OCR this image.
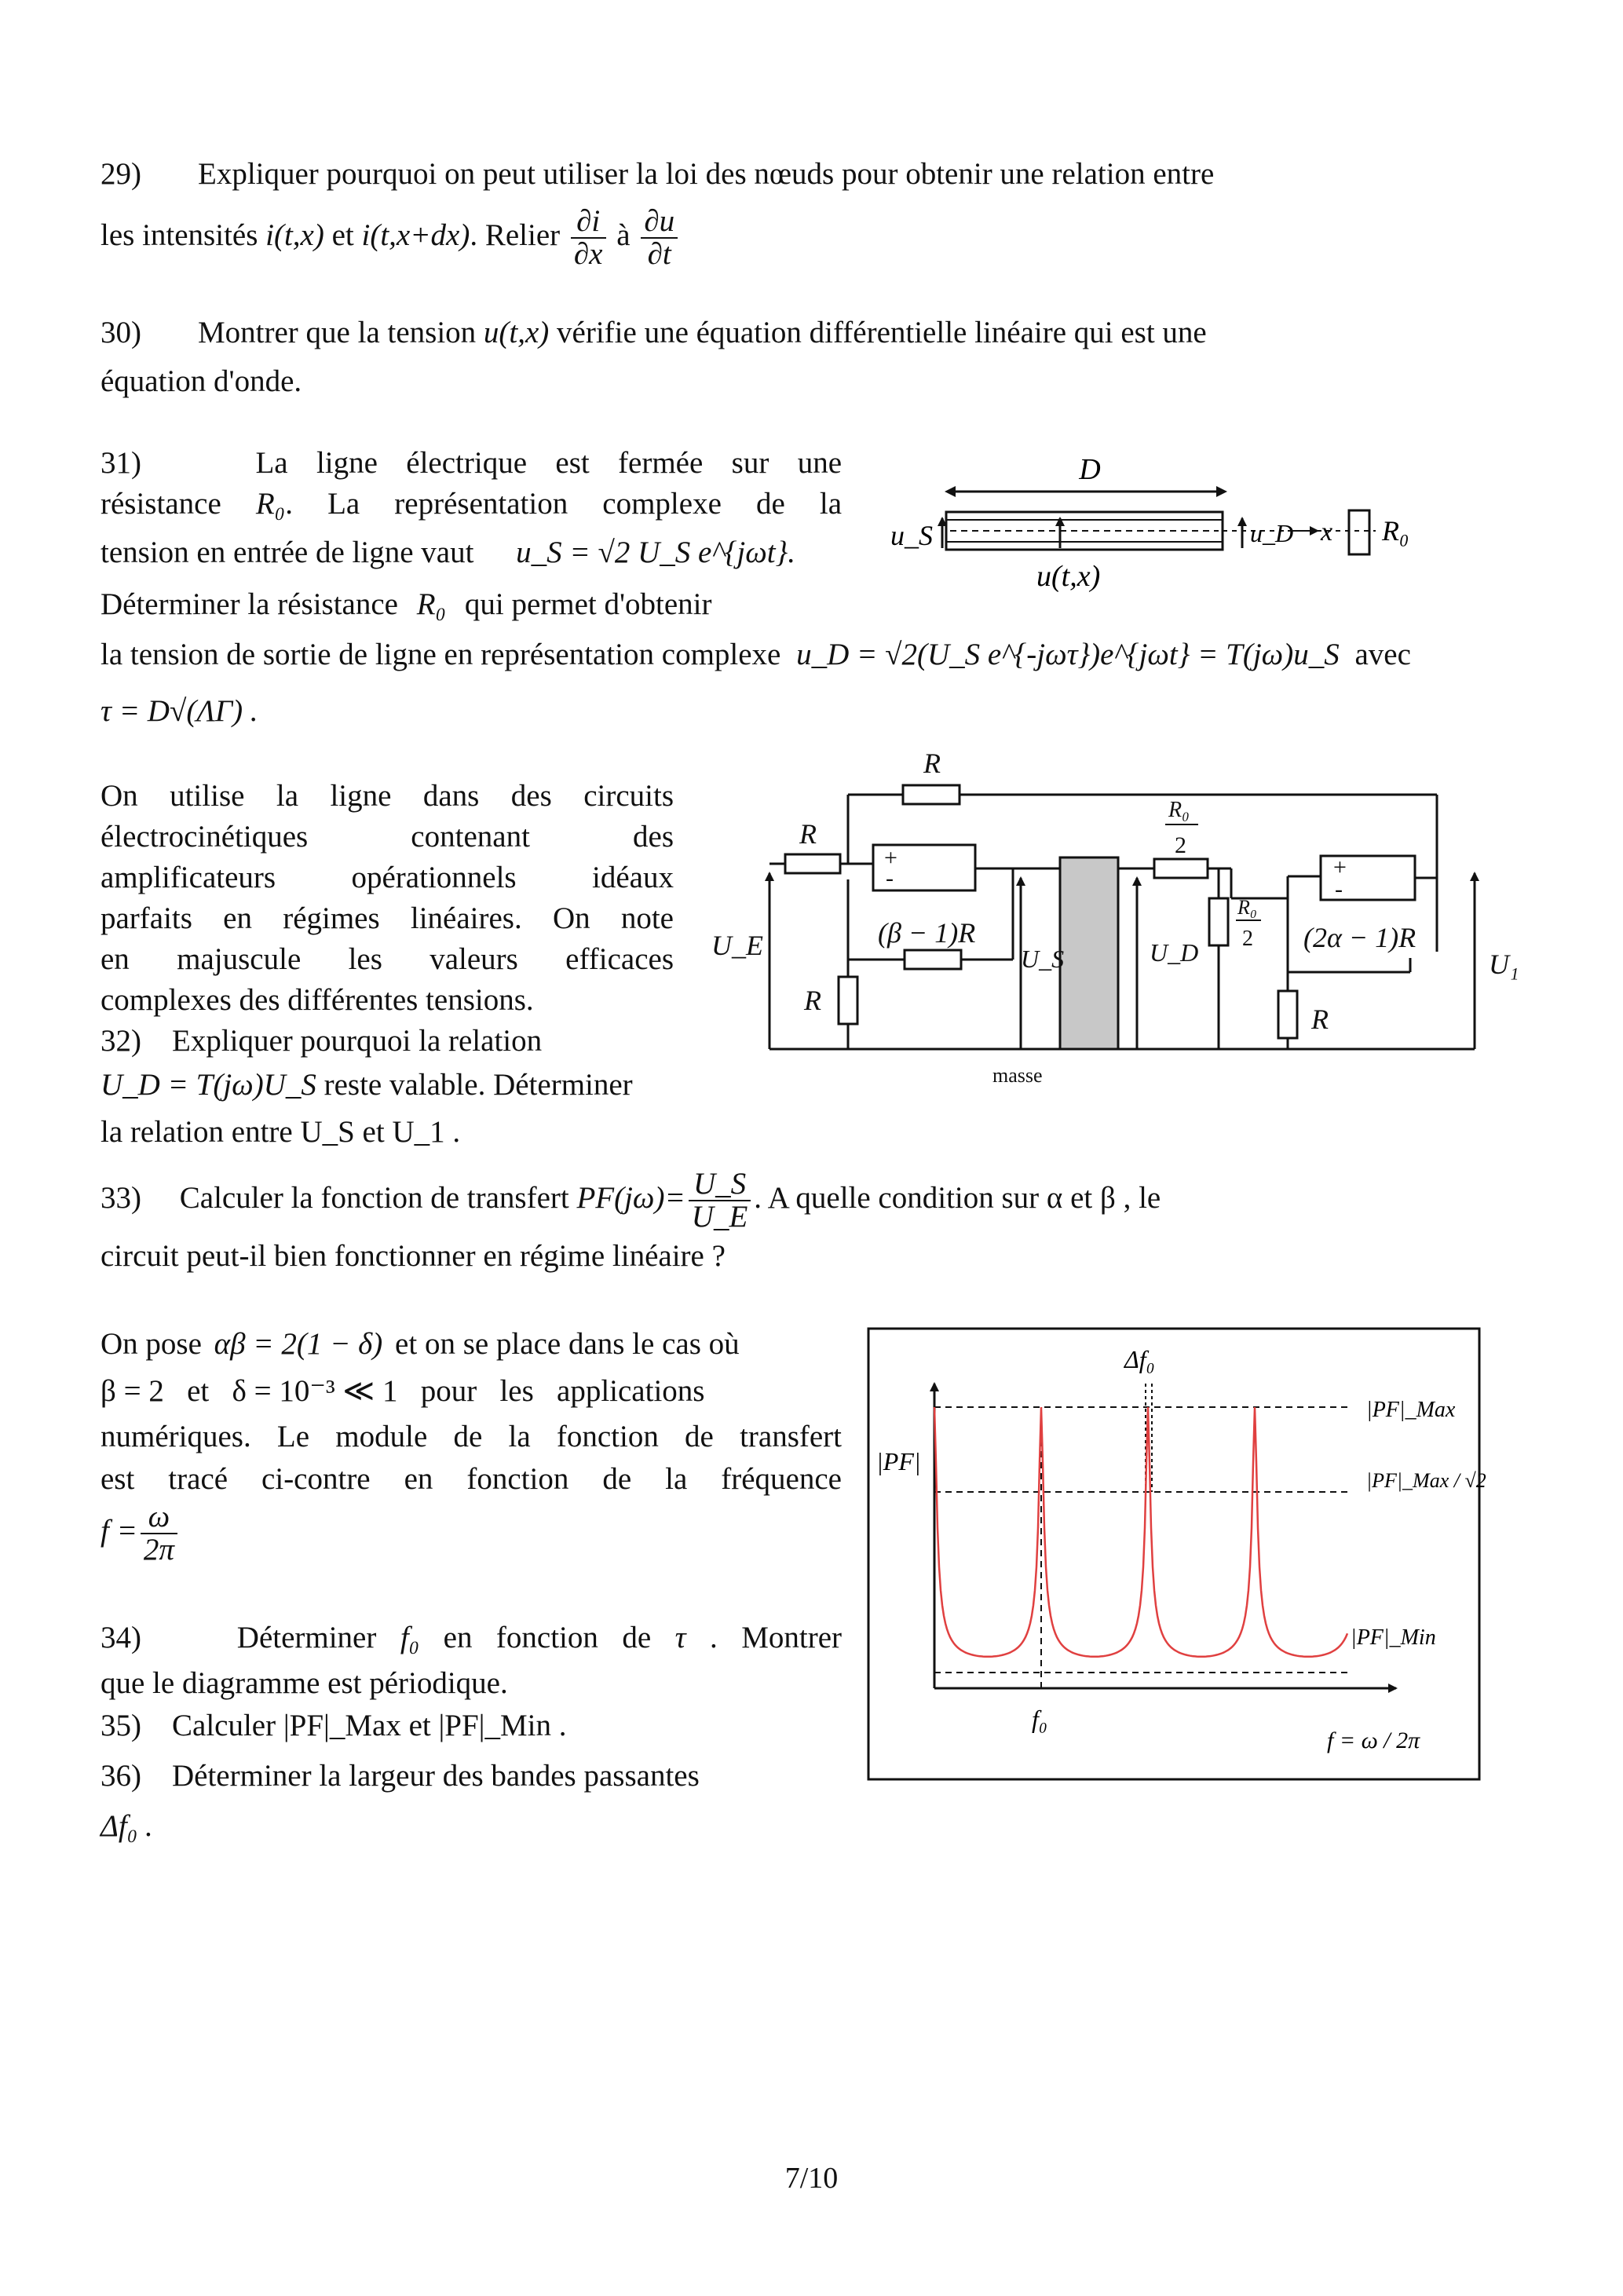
29) Expliquer pourquoi on peut utiliser la loi des nœuds pour obtenir une relation entre
les intensités i(t,x) et i(t,x+dx). Relier $\frac{\partial i}{\partial x}$ à $\frac{\partial u}{\partial t}$
30) Montrer que la tension u(t,x) vérifie une équation différentielle linéaire qui est une
équation d'onde.
31)	La ligne électrique est fermée sur une
résistance R₀. La représentation complexe de la
tension en entrée de ligne vaut u_S = √2 U_S e^{jωt}.
Déterminer la résistance R₀ qui permet d'obtenir
la tension de sortie de ligne en représentation complexe u_D = √2(U_S e^{-jωτ})e^{jωt} = T(jω)u_S avec
τ = D√(ΛΓ) .
On utilise la ligne dans des circuits
électrocinétiques contenant des
amplificateurs opérationnels idéaux
parfaits en régimes linéaires. On note
en majuscule les valeurs efficaces
complexes des différentes tensions.
32) Expliquer pourquoi la relation
U_D = T(jω)U_S reste valable. Déterminer
la relation entre U_S et U_1 .
33) Calculer la fonction de transfert $PF(j\omega)= \frac{U\_S}{U\_E}$ . A quelle condition sur α et β , le
circuit peut-il bien fonctionner en régime linéaire ?
On pose αβ = 2(1 − δ) et on se place dans le cas où
β = 2   et   δ = 10⁻³ ≪ 1   pour   les   applications
numériques. Le module de la fonction de transfert
est tracé ci-contre en fonction de la fréquence
$f = \frac{\omega}{2\pi}$
34)	Déterminer f₀ en fonction de τ . Montrer
que le diagramme est périodique.
35) Calculer |PF|_Max et |PF|_Min .
36) Déterminer la largeur des bandes passantes
Δf₀ .
D
u_S	u_D x R₀
u(t,x)
R
R
R
(β − 1)R
U_E	U_S	U_D
R₀
2
R₀
2 (2α − 1)R
R
U₁
masse
+
-	+
-
|PF|
f₀
Δf₀
|PF|_Max
|PF|_Max / √2
|PF|_Min
f = ω / 2π
7/10
